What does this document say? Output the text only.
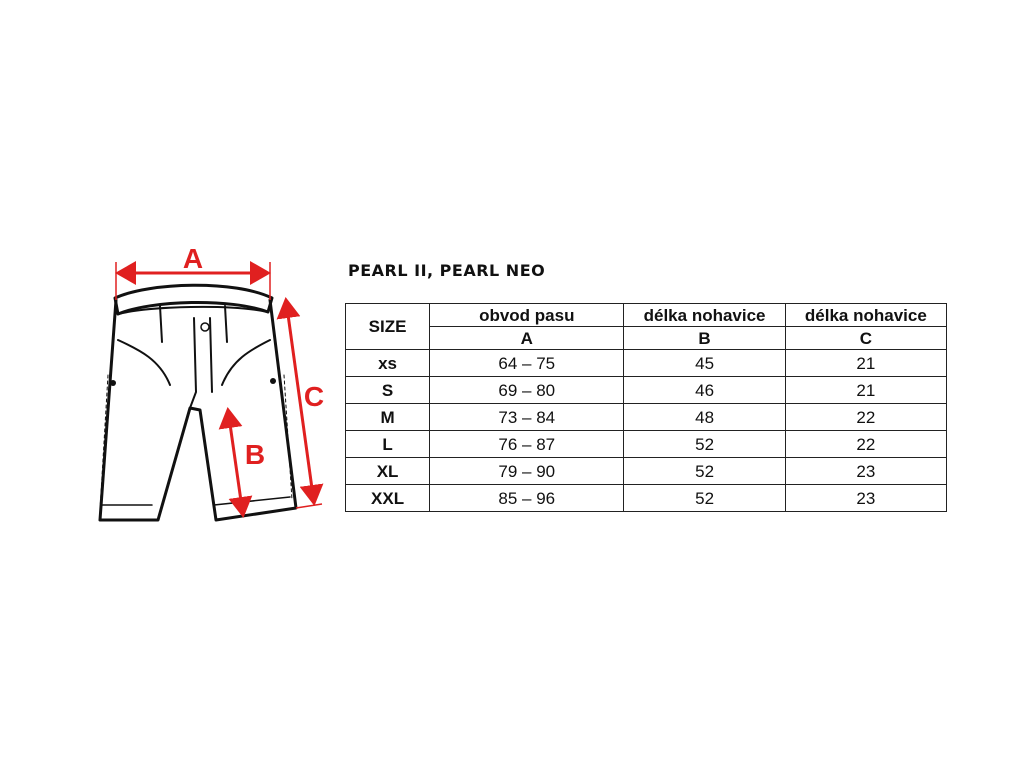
A
B
C
PEARL II, PEARL NEO
SIZE	obvod pasu	délka nohavice	délka nohavice
	A	B	C
xs	64 – 75	45	21
S	69 – 80	46	21
M	73 – 84	48	22
L	76 – 87	52	22
XL	79 – 90	52	23
XXL	85 – 96	52	23
